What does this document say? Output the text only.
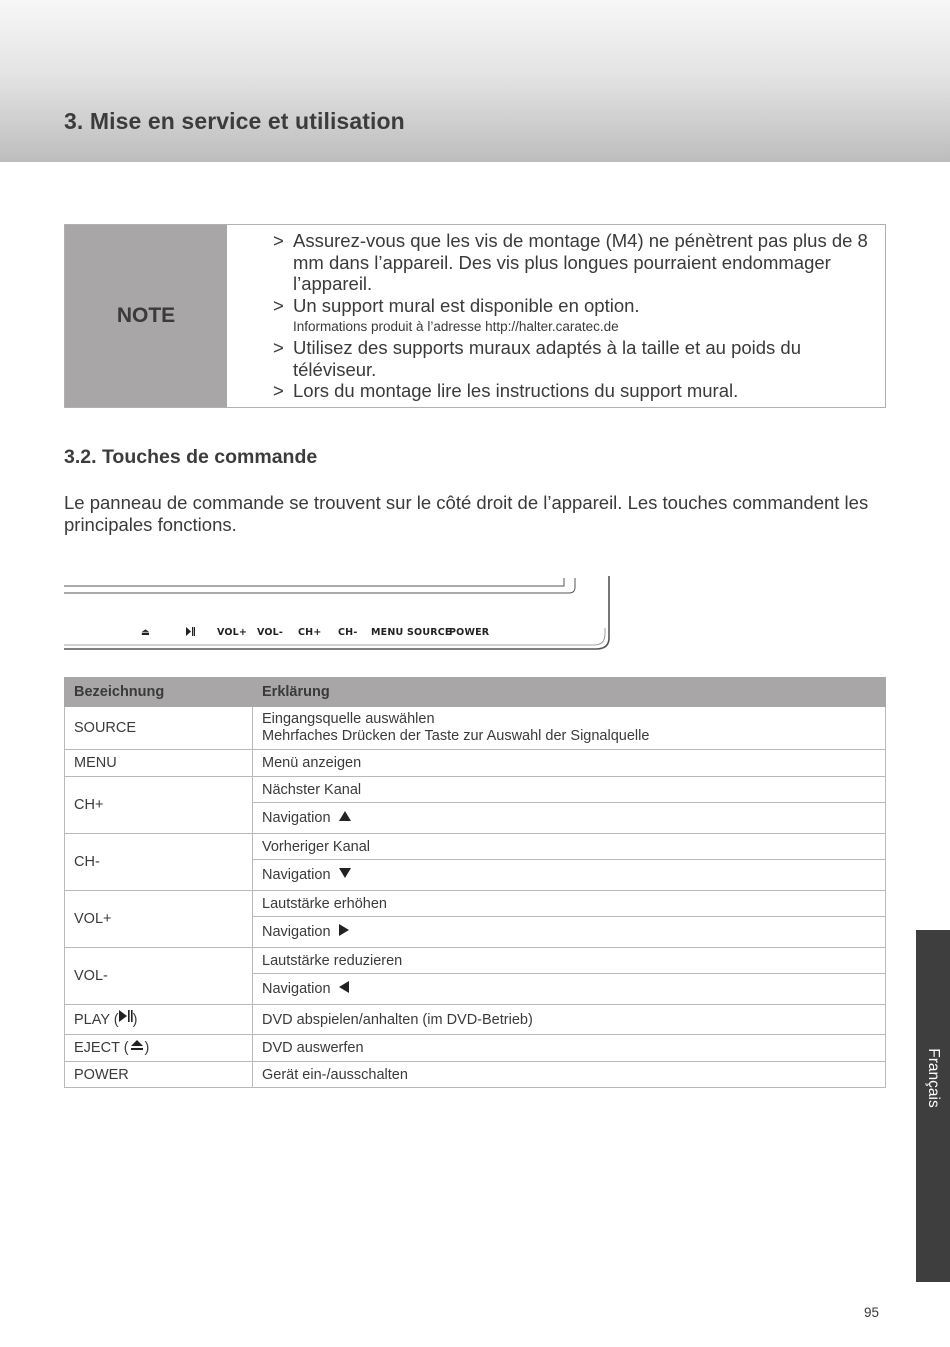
3. Mise en service et utilisation
NOTE
> Assurez-vous que les vis de montage (M4) ne pénètrent pas plus de 8 mm dans l’appareil. Des vis plus longues pourraient endommager l’appareil.
> Un support mural est disponible en option.
Informations produit à l’adresse http://halter.caratec.de
> Utilisez des supports muraux adaptés à la taille et au poids du téléviseur.
> Lors du montage lire les instructions du support mural.
3.2. Touches de commande

Le panneau de commande se trouvent sur le côté droit de l’appareil. Les touches commandent les principales fonctions.

⏏	VOL+ VOL- CH+ CH- MENU SOURCE
POWER
Bezeichnung	Erklärung
SOURCE	Eingangsquelle auswählen
Mehrfaches Drücken der Taste zur Auswahl der Signalquelle

MENU	Menü anzeigen
CH+	Nächster Kanal
	Navigation
CH-	Vorheriger Kanal
	Navigation
VOL+	Lautstärke erhöhen
	Navigation
VOL-	Lautstärke reduzieren
	Navigation
PLAY ( )	DVD abspielen/anhalten (im DVD-Betrieb)
EJECT ( )	DVD auswerfen
POWER	Gerät ein-/ausschalten	Français
95
